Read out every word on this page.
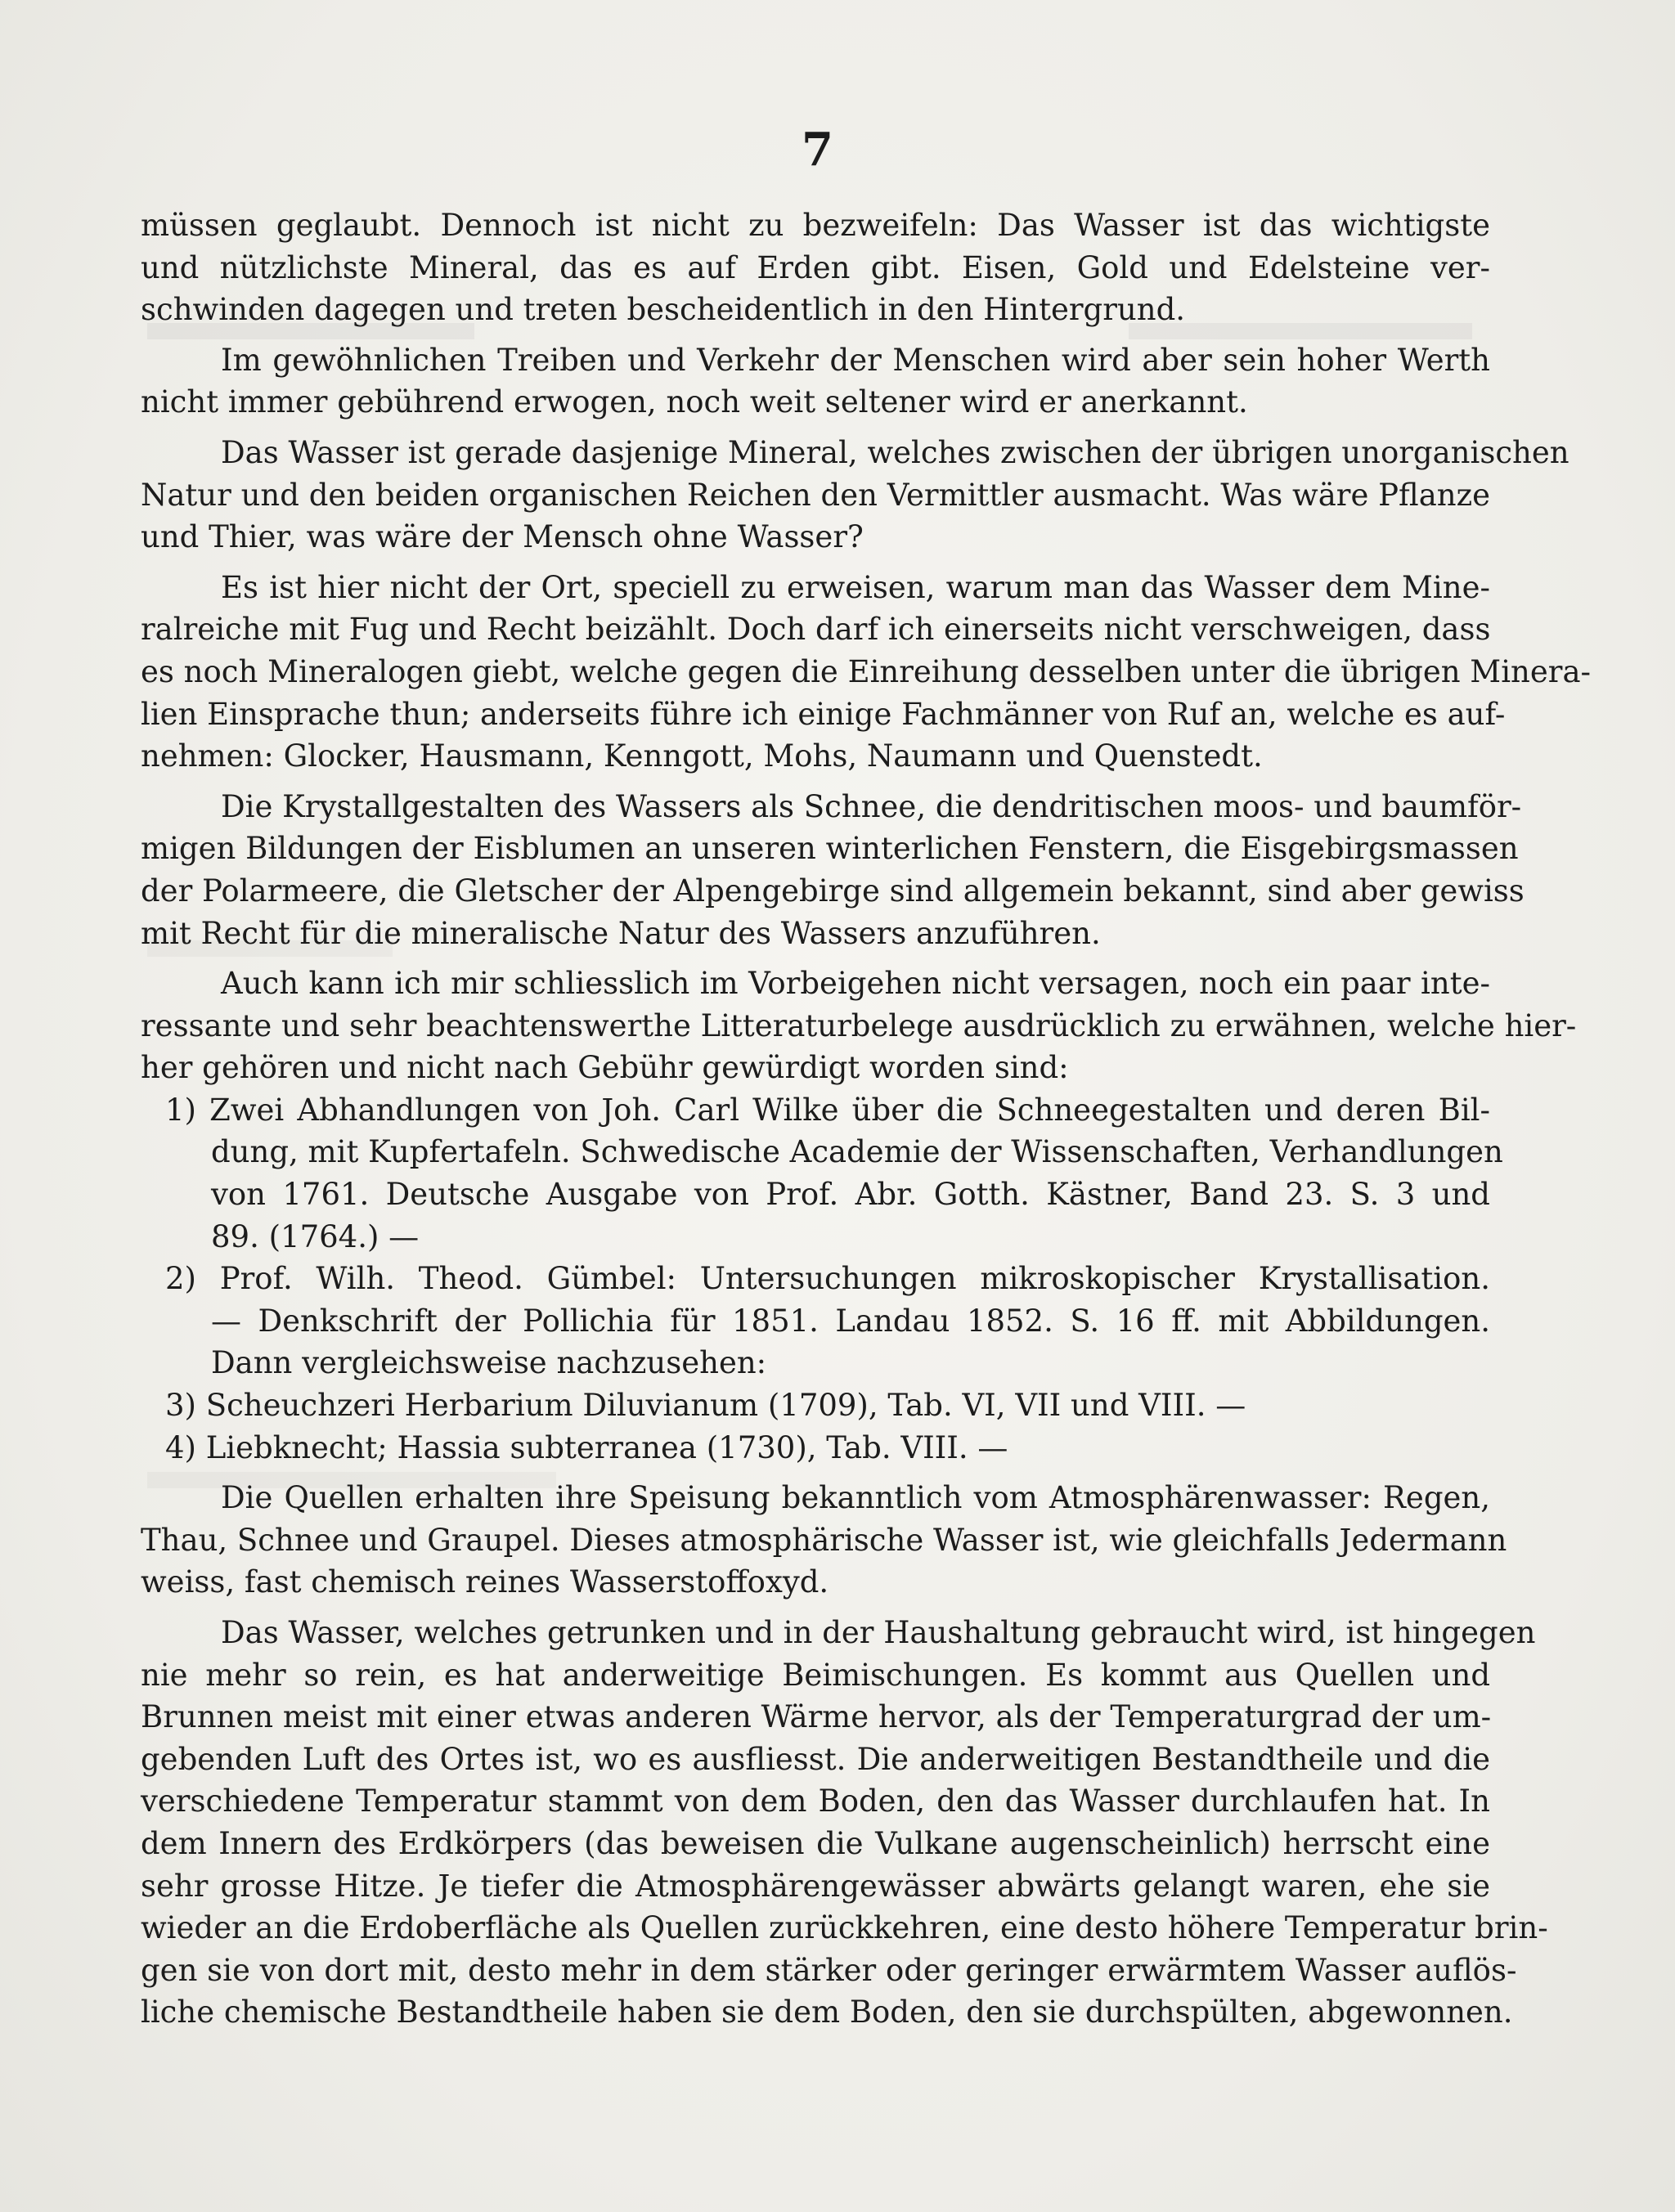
7

müssen geglaubt. Dennoch ist nicht zu bezweifeln: Das Wasser ist das wichtigste

und nützlichste Mineral, das es auf Erden gibt. Eisen, Gold und Edelsteine ver-

schwinden dagegen und treten bescheidentlich in den Hintergrund.

Im gewöhnlichen Treiben und Verkehr der Menschen wird aber sein hoher Werth

nicht immer gebührend erwogen, noch weit seltener wird er anerkannt.

Das Wasser ist gerade dasjenige Mineral, welches zwischen der übrigen unorganischen

Natur und den beiden organischen Reichen den Vermittler ausmacht. Was wäre Pflanze

und Thier, was wäre der Mensch ohne Wasser?

Es ist hier nicht der Ort, speciell zu erweisen, warum man das Wasser dem Mine-

ralreiche mit Fug und Recht beizählt. Doch darf ich einerseits nicht verschweigen, dass

es noch Mineralogen giebt, welche gegen die Einreihung desselben unter die übrigen Minera-

lien Einsprache thun; anderseits führe ich einige Fachmänner von Ruf an, welche es auf-

nehmen: Glocker, Hausmann, Kenngott, Mohs, Naumann und Quenstedt.

Die Krystallgestalten des Wassers als Schnee, die dendritischen moos- und baumför-

migen Bildungen der Eisblumen an unseren winterlichen Fenstern, die Eisgebirgsmassen

der Polarmeere, die Gletscher der Alpengebirge sind allgemein bekannt, sind aber gewiss

mit Recht für die mineralische Natur des Wassers anzuführen.

Auch kann ich mir schliesslich im Vorbeigehen nicht versagen, noch ein paar inte-

ressante und sehr beachtenswerthe Litteraturbelege ausdrücklich zu erwähnen, welche hier-

her gehören und nicht nach Gebühr gewürdigt worden sind:

1) Zwei Abhandlungen von Joh. Carl Wilke über die Schneegestalten und deren Bil-

dung, mit Kupfertafeln. Schwedische Academie der Wissenschaften, Verhandlungen

von 1761. Deutsche Ausgabe von Prof. Abr. Gotth. Kästner, Band 23. S. 3 und

89. (1764.) —

2) Prof. Wilh. Theod. Gümbel: Untersuchungen mikroskopischer Krystallisation.

— Denkschrift der Pollichia für 1851. Landau 1852. S. 16 ff. mit Abbildungen.

Dann vergleichsweise nachzusehen:

3) Scheuchzeri Herbarium Diluvianum (1709), Tab. VI, VII und VIII. —

4) Liebknecht; Hassia subterranea (1730), Tab. VIII. —

Die Quellen erhalten ihre Speisung bekanntlich vom Atmosphärenwasser: Regen,

Thau, Schnee und Graupel. Dieses atmosphärische Wasser ist, wie gleichfalls Jedermann

weiss, fast chemisch reines Wasserstoffoxyd.

Das Wasser, welches getrunken und in der Haushaltung gebraucht wird, ist hingegen

nie mehr so rein, es hat anderweitige Beimischungen. Es kommt aus Quellen und

Brunnen meist mit einer etwas anderen Wärme hervor, als der Temperaturgrad der um-

gebenden Luft des Ortes ist, wo es ausfliesst. Die anderweitigen Bestandtheile und die

verschiedene Temperatur stammt von dem Boden, den das Wasser durchlaufen hat. In

dem Innern des Erdkörpers (das beweisen die Vulkane augenscheinlich) herrscht eine

sehr grosse Hitze. Je tiefer die Atmosphärengewässer abwärts gelangt waren, ehe sie

wieder an die Erdoberfläche als Quellen zurückkehren, eine desto höhere Temperatur brin-

gen sie von dort mit, desto mehr in dem stärker oder geringer erwärmtem Wasser auflös-

liche chemische Bestandtheile haben sie dem Boden, den sie durchspülten, abgewonnen.
